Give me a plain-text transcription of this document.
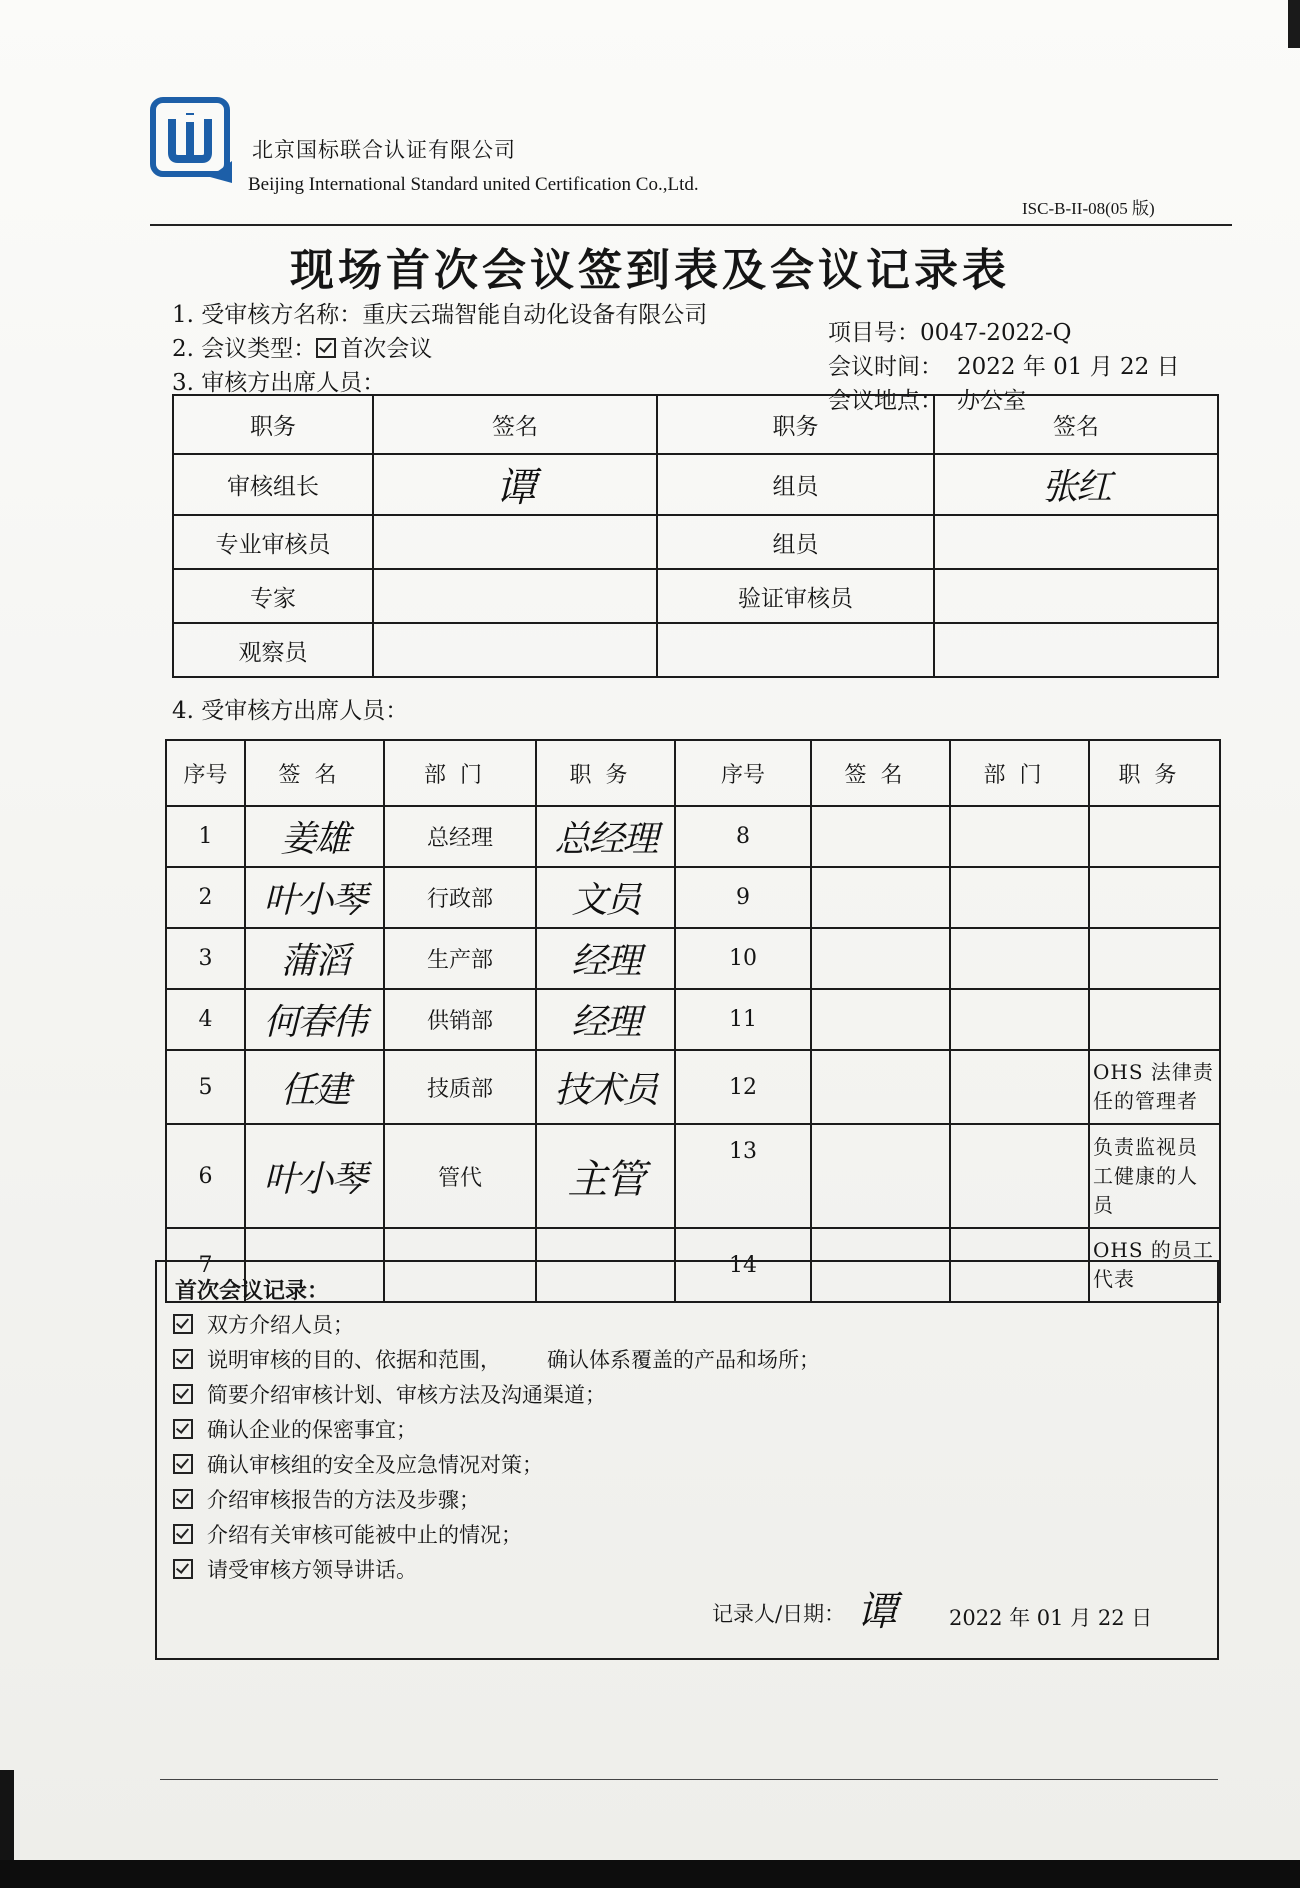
北京国标联合认证有限公司
Beijing International Standard united Certification Co.,Ltd.
ISC-B-II-08(05 版)
现场首次会议签到表及会议记录表
1. 受审核方名称：重庆云瑞智能自动化设备有限公司
2. 会议类型： 首次会议
3. 审核方出席人员：
项目号：0047-2022-Q
会议时间： 2022 年 01 月 22 日
会议地点： 办公室
职务	签名	职务	签名
审核组长	谭	组员	张红
专业审核员		组员	
专家		验证审核员	
观察员			
4. 受审核方出席人员：
序号	签名	部门	职务	序号	签名	部门	职务
1	姜雄	总经理	总经理	8			
2	叶小琴	行政部	文员	9			
3	蒲滔	生产部	经理	10			
4	何春伟	供销部	经理	11			
5	任建	技质部	技术员	12			OHS 法律责任的管理者
6	叶小琴	管代	主管	13			负责监视员工健康的人员
7				14			OHS 的员工代表
首次会议记录：
双方介绍人员；
说明审核的目的、依据和范围， 确认体系覆盖的产品和场所；
简要介绍审核计划、审核方法及沟通渠道；
确认企业的保密事宜；
确认审核组的安全及应急情况对策；
介绍审核报告的方法及步骤；
介绍有关审核可能被中止的情况；
请受审核方领导讲话。
记录人/日期： 谭	2022 年 01 月 22 日
